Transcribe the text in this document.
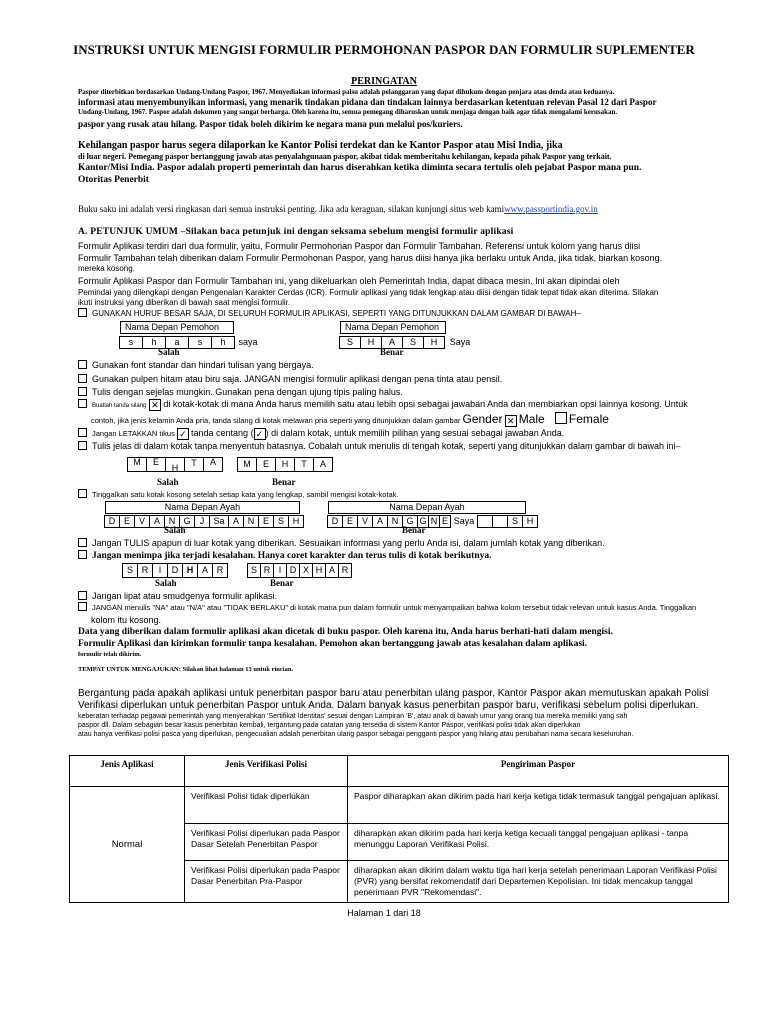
INSTRUKSI UNTUK MENGISI FORMULIR PERMOHONAN PASPOR DAN FORMULIR SUPLEMENTER
PERINGATAN

Paspor diterbitkan berdasarkan Undang-Undang Paspor, 1967. Menyediakan informasi palsu adalah pelanggaran yang dapat dihukum dengan penjara atau denda atau keduanya.

informasi atau menyembunyikan informasi, yang menarik tindakan pidana dan tindakan lainnya berdasarkan ketentuan relevan Pasal 12 dari Paspor

Undang-Undang, 1967. Paspor adalah dokumen yang sangat berharga. Oleh karena itu, semua pemegang diharuskan untuk menjaga dengan baik agar tidak mengalami kerusakan.

paspor yang rusak atau hilang. Paspor tidak boleh dikirim ke negara mana pun melalui pos/kuriers.

Kehilangan paspor harus segera dilaporkan ke Kantor Polisi terdekat dan ke Kantor Paspor atau Misi India, jika

di luar negeri. Pemegang paspor bertanggung jawab atas penyalahgunaan paspor, akibat tidak memberitahu kehilangan, kepada pihak Paspor yang terkait.

Kantor/Misi India. Paspor adalah properti pemerintah dan harus diserahkan ketika diminta secara tertulis oleh pejabat Paspor mana pun.

Otoritas Penerbit

Buku saku ini adalah versi ringkasan dari semua instruksi penting. Jika ada keraguan, silakan kunjungi situs web kamiwww.passportindia.gov.in
A. PETUNJUK UMUM –Silakan baca petunjuk ini dengan seksama sebelum mengisi formulir aplikasi

Formulir Aplikasi terdiri dari dua formulir, yaitu, Formulir Permohonan Paspor dan Formulir Tambahan. Referensi untuk kolom yang harus diisi

Formulir Tambahan telah diberikan dalam Formulir Permohonan Paspor, yang harus diisi hanya jika berlaku untuk Anda, jika tidak, biarkan kosong.

mereka kosong.

Formulir Aplikasi Paspor dan Formulir Tambahan ini, yang dikeluarkan oleh Pemerintah India, dapat dibaca mesin. Ini akan dipindai oleh

Pemindai yang dilengkapi dengan Pengenalan Karakter Cerdas (ICR). Formulir aplikasi yang tidak lengkap atau diisi dengan tidak tepat tidak akan diterima. Silakan

ikuti instruksi yang diberikan di bawah saat mengisi formulir.

GUNAKAN HURUF BESAR SAJA, DI SELURUH FORMULIR APLIKASI, SEPERTI YANG DITUNJUKKAN DALAM GAMBAR DI BAWAH–
Nama Depan Pemohon
s	h	a	s	h	saya
Salah
Nama Depan Pemohon
S	H	A	S	H	Saya
Benar
Gunakan font standar dan hindari tulisan yang bergaya.
Gunakan pulpen hitam atau biru saja. JANGAN mengisi formulir aplikasi dengan pena tinta atau pensil.
Tulis dengan sejelas mungkin. Gunakan pena dengan ujung tipis paling halus.
Buatlah tanda silang ✕ di kotak-kotak di mana Anda harus memilih satu atau lebih opsi sebagai jawaban Anda dan membiarkan opsi lainnya kosong. Untuk
contoh, jika jenis kelamin Anda pria, tanda silang di kotak melawan pria seperti yang ditunjukkan dalam gambar Gender ✕ Male Female
Jangan LETAKKAN tikus ✓ tanda centang ( ✓ ) di dalam kotak, untuk memilih pilihan yang sesuai sebagai jawaban Anda.
Tulis jelas di dalam kotak tanpa menyentuh batasnya. Cobalah untuk menulis di tengah kotak, seperti yang ditunjukkan dalam gambar di bawah ini–
M	E
H	T	A
Salah
M	E	H	T	A
Benar
Tinggalkan satu kotak kosong setelah setiap kata yang lengkap, sambil mengisi kotak-kotak.
Nama Depan Ayah
D E V A N G	J	Sa A N E S H
Salah
Nama Depan Ayah
D E V A N G G N E Saya	S H
Benar
Jangan TULIS apapun di luar kotak yang diberikan. Sesuaikan informasi yang perlu Anda isi, dalam jumlah kotak yang diberikan.
Jangan menimpa jika terjadi kesalahan. Hanya coret karakter dan terus tulis di kotak berikutnya.
S R	I	D H A R
Salah
S R I D X H A R
Benar
Jangan lipat atau smudgenya formulir aplikasi.
JANGAN menulis "NA" atau "N/A" atau "TIDAK BERLAKU" di kotak mana pun dalam formulir untuk menyampaikan bahwa kolom tersebut tidak relevan untuk kasus Anda. Tinggalkan
kolom itu kosong.

Data yang diberikan dalam formulir aplikasi akan dicetak di buku paspor. Oleh karena itu, Anda harus berhati-hati dalam mengisi.

Formulir Aplikasi dan kirimkan formulir tanpa kesalahan. Pemohon akan bertanggung jawab atas kesalahan dalam aplikasi.

formulir telah dikirim.

TEMPAT UNTUK MENGAJUKAN: Silakan lihat halaman 13 untuk rincian.

Bergantung pada apakah aplikasi untuk penerbitan paspor baru atau penerbitan ulang paspor, Kantor Paspor akan memutuskan apakah Polisi

Verifikasi diperlukan untuk penerbitan Paspor untuk Anda. Dalam banyak kasus penerbitan paspor baru, verifikasi sebelum polisi diperlukan.

keberatan terhadap pegawai pemerintah yang menyerahkan 'Sertifikat Identitas' sesuai dengan Lampiran 'B', atau anak di bawah umur yang orang tua mereka memiliki yang sah

paspor dll. Dalam sebagian besar kasus penerbitan kembali, tergantung pada catatan yang tersedia di sistem Kantor Paspor, verifikasi polisi tidak akan diperlukan

atau hanya verifikasi polisi pasca yang diperlukan, pengecualian adalah penerbitan ulang paspor sebagai pengganti paspor yang hilang atau perubahan nama secara keseluruhan.

Jenis Aplikasi	Jenis Verifikasi Polisi	Pengiriman Paspor
Normal	Verifikasi Polisi tidak diperlukan	Paspor diharapkan akan dikirim pada hari kerja ketiga tidak termasuk tanggal pengajuan aplikasi.
	Verifikasi Polisi diperlukan pada Paspor Dasar Setelah Penerbitan Paspor	diharapkan akan dikirim pada hari kerja ketiga kecuali tanggal pengajuan aplikasi - tanpa menunggu Laporan Verifikasi Polisi.
	Verifikasi Polisi diperlukan pada Paspor Dasar Penerbitan Pra-Paspor	diharapkan akan dikirim dalam waktu tiga hari kerja setelah penerimaan Laporan Verifikasi Polisi (PVR) yang bersifat rekomendatif dari Departemen Kepolisian. Ini tidak mencakup tanggal penerimaan PVR "Rekomendasi".
Halaman 1 dari 18
